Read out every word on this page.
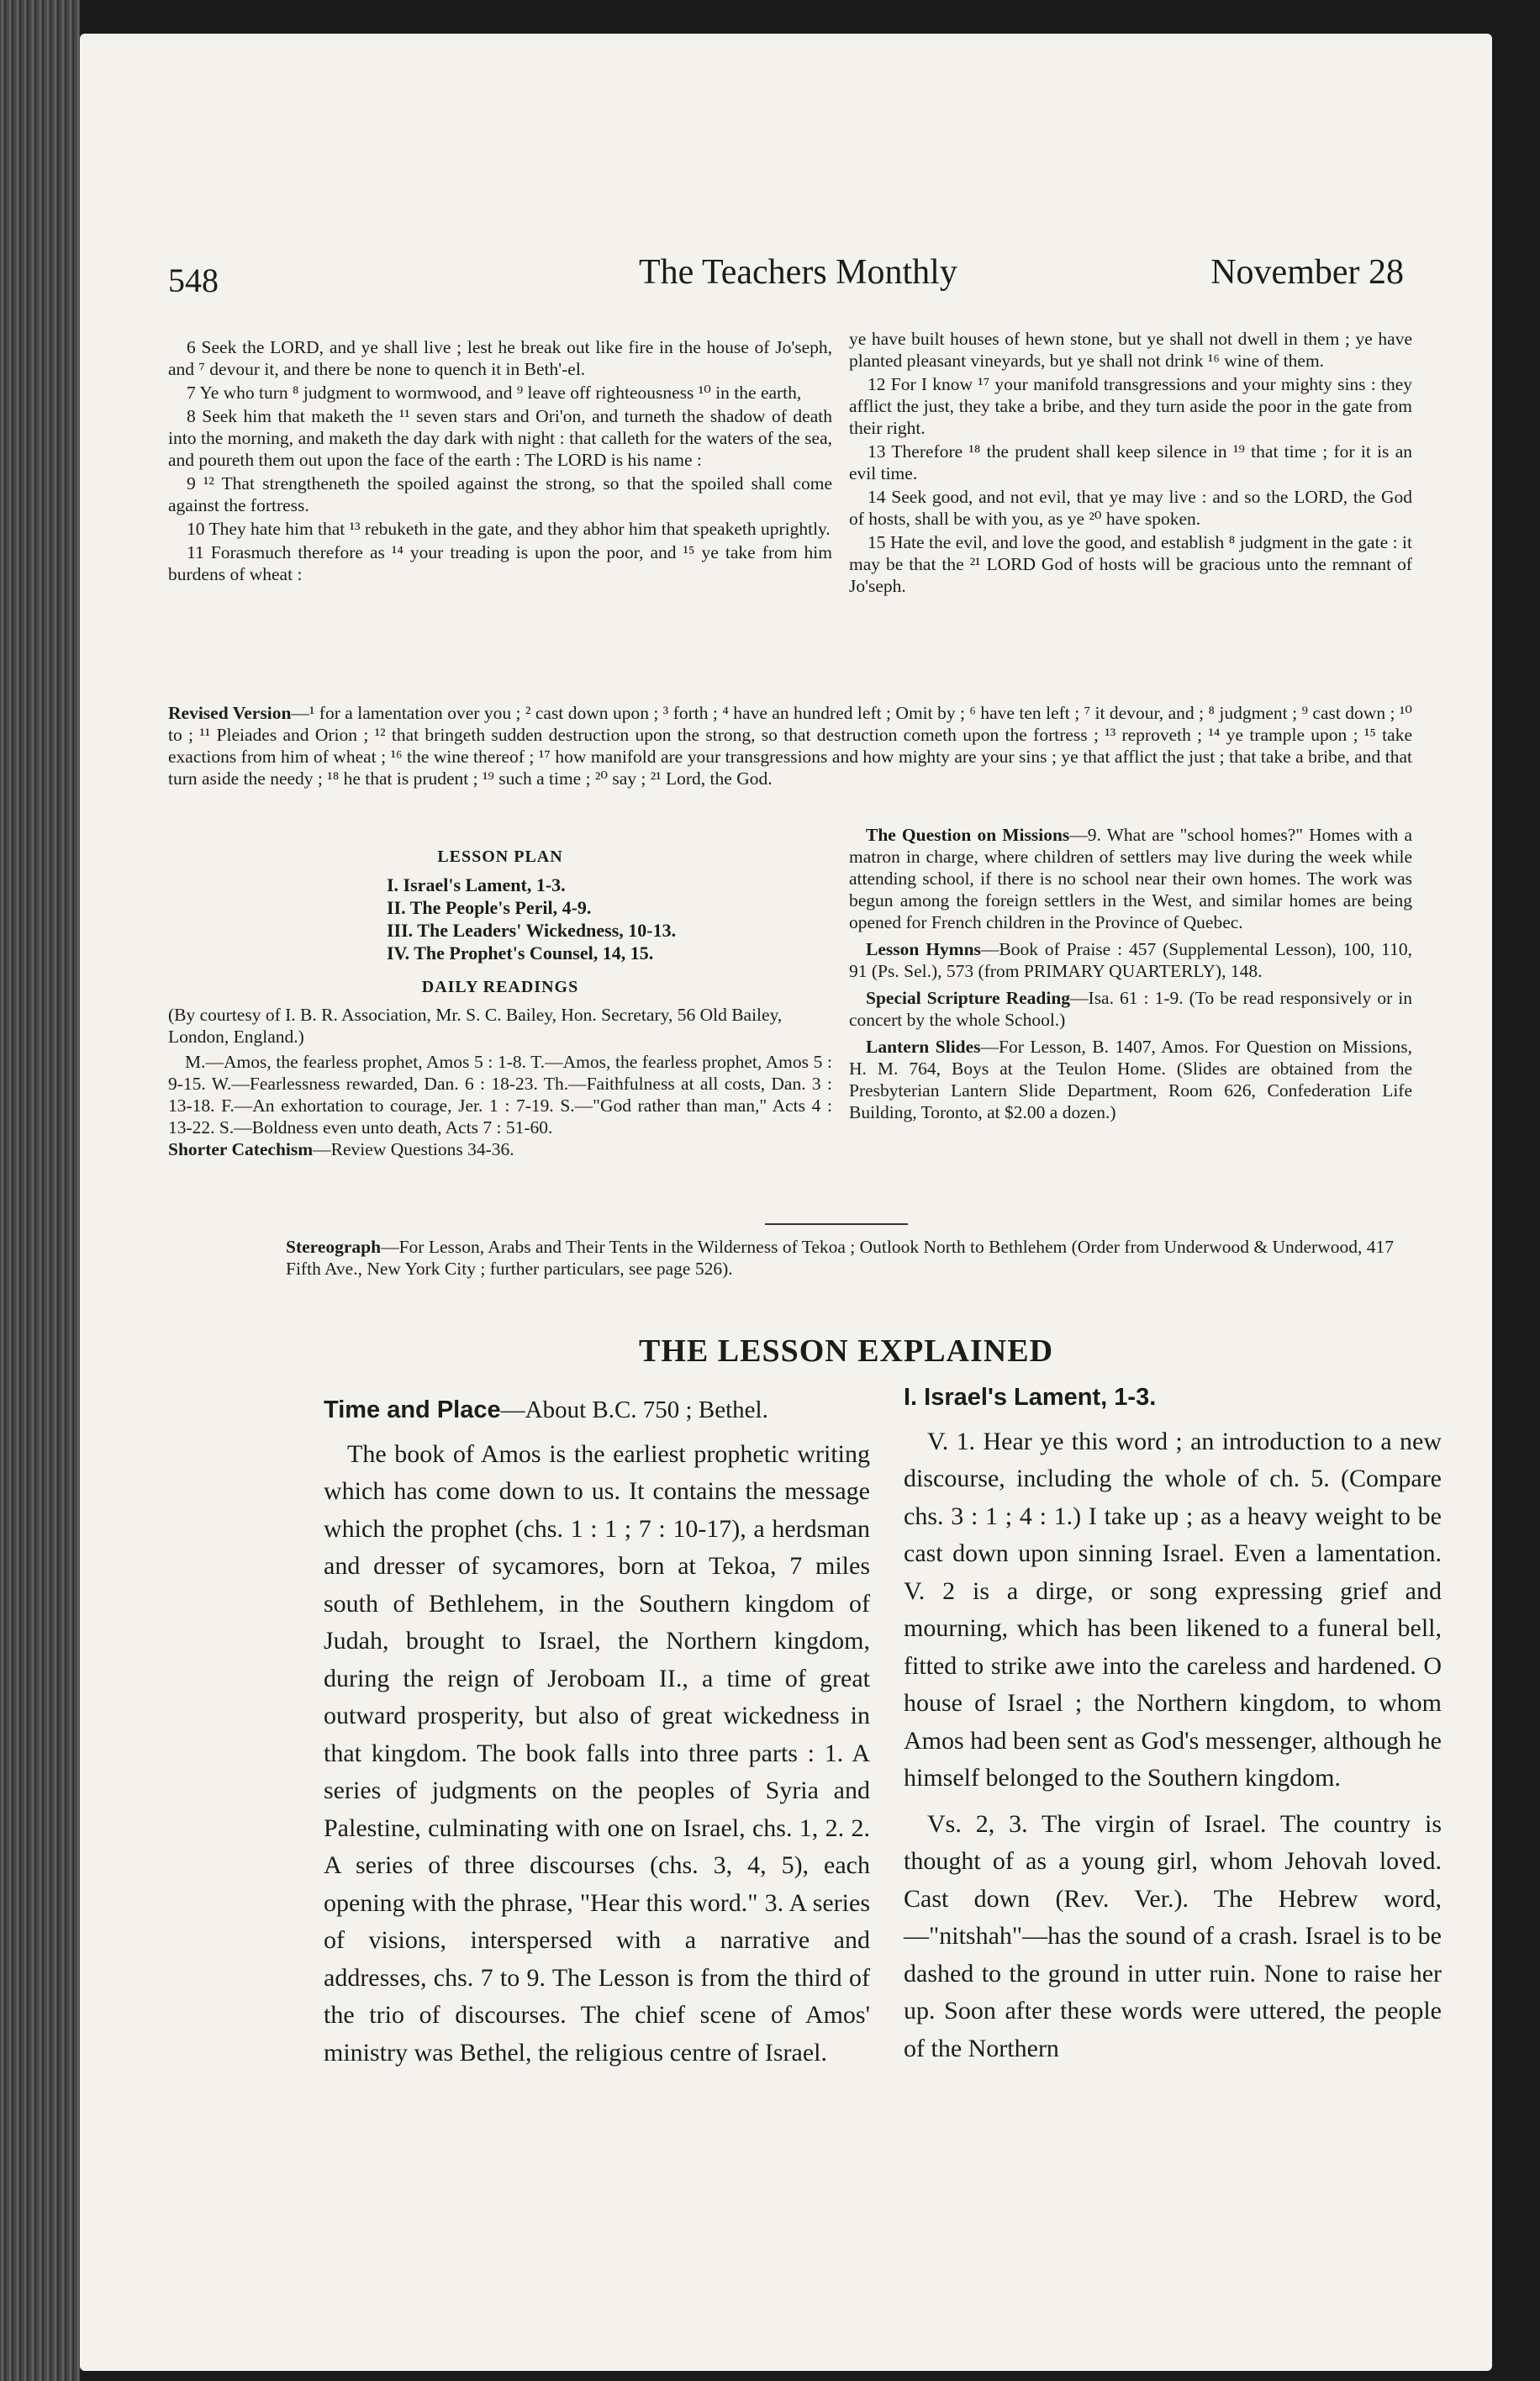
548	The Teachers Monthly	November 28

6 Seek the LORD, and ye shall live ; lest he break out like fire in the house of Jo'seph, and ⁷ devour it, and there be none to quench it in Beth'-el.

7 Ye who turn ⁸ judgment to wormwood, and ⁹ leave off righteousness ¹⁰ in the earth,

8 Seek him that maketh the ¹¹ seven stars and Ori'on, and turneth the shadow of death into the morning, and maketh the day dark with night : that calleth for the waters of the sea, and poureth them out upon the face of the earth : The LORD is his name :

9 ¹² That strengtheneth the spoiled against the strong, so that the spoiled shall come against the fortress.

10 They hate him that ¹³ rebuketh in the gate, and they abhor him that speaketh uprightly.

11 Forasmuch therefore as ¹⁴ your treading is upon the poor, and ¹⁵ ye take from him burdens of wheat :

ye have built houses of hewn stone, but ye shall not dwell in them ; ye have planted pleasant vineyards, but ye shall not drink ¹⁶ wine of them.

12 For I know ¹⁷ your manifold transgressions and your mighty sins : they afflict the just, they take a bribe, and they turn aside the poor in the gate from their right.

13 Therefore ¹⁸ the prudent shall keep silence in ¹⁹ that time ; for it is an evil time.

14 Seek good, and not evil, that ye may live : and so the LORD, the God of hosts, shall be with you, as ye ²⁰ have spoken.

15 Hate the evil, and love the good, and establish ⁸ judgment in the gate : it may be that the ²¹ LORD God of hosts will be gracious unto the remnant of Jo'seph.

Revised Version—¹ for a lamentation over you ; ² cast down upon ; ³ forth ; ⁴ have an hundred left ; Omit by ; ⁶ have ten left ; ⁷ it devour, and ; ⁸ judgment ; ⁹ cast down ; ¹⁰ to ; ¹¹ Pleiades and Orion ; ¹² that bringeth sudden destruction upon the strong, so that destruction cometh upon the fortress ; ¹³ reproveth ; ¹⁴ ye trample upon ; ¹⁵ take exactions from him of wheat ; ¹⁶ the wine thereof ; ¹⁷ how manifold are your transgressions and how mighty are your sins ; ye that afflict the just ; that take a bribe, and that turn aside the needy ; ¹⁸ he that is prudent ; ¹⁹ such a time ; ²⁰ say ; ²¹ Lord, the God.
LESSON PLAN
I. Israel's Lament, 1-3.
II. The People's Peril, 4-9.
III. The Leaders' Wickedness, 10-13.
IV. The Prophet's Counsel, 14, 15.
DAILY READINGS

(By courtesy of I. B. R. Association, Mr. S. C. Bailey, Hon. Secretary, 56 Old Bailey, London, England.)

M.—Amos, the fearless prophet, Amos 5 : 1-8. T.—Amos, the fearless prophet, Amos 5 : 9-15. W.—Fearlessness rewarded, Dan. 6 : 18-23. Th.—Faithfulness at all costs, Dan. 3 : 13-18. F.—An exhortation to courage, Jer. 1 : 7-19. S.—"God rather than man," Acts 4 : 13-22. S.—Boldness even unto death, Acts 7 : 51-60.

Shorter Catechism—Review Questions 34-36.

The Question on Missions—9. What are "school homes?" Homes with a matron in charge, where children of settlers may live during the week while attending school, if there is no school near their own homes. The work was begun among the foreign settlers in the West, and similar homes are being opened for French children in the Province of Quebec.

Lesson Hymns—Book of Praise : 457 (Supplemental Lesson), 100, 110, 91 (Ps. Sel.), 573 (from PRIMARY QUARTERLY), 148.

Special Scripture Reading—Isa. 61 : 1-9. (To be read responsively or in concert by the whole School.)

Lantern Slides—For Lesson, B. 1407, Amos. For Question on Missions, H. M. 764, Boys at the Teulon Home. (Slides are obtained from the Presbyterian Lantern Slide Department, Room 626, Confederation Life Building, Toronto, at $2.00 a dozen.)

Stereograph—For Lesson, Arabs and Their Tents in the Wilderness of Tekoa ; Outlook North to Bethlehem (Order from Underwood & Underwood, 417 Fifth Ave., New York City ; further particulars, see page 526).
THE LESSON EXPLAINED
Time and Place—About B.C. 750 ; Bethel.

The book of Amos is the earliest prophetic writing which has come down to us. It contains the message which the prophet (chs. 1 : 1 ; 7 : 10-17), a herdsman and dresser of sycamores, born at Tekoa, 7 miles south of Bethlehem, in the Southern kingdom of Judah, brought to Israel, the Northern kingdom, during the reign of Jeroboam II., a time of great outward prosperity, but also of great wickedness in that kingdom. The book falls into three parts : 1. A series of judgments on the peoples of Syria and Palestine, culminating with one on Israel, chs. 1, 2. 2. A series of three discourses (chs. 3, 4, 5), each opening with the phrase, "Hear this word." 3. A series of visions, interspersed with a narrative and addresses, chs. 7 to 9. The Lesson is from the third of the trio of discourses. The chief scene of Amos' ministry was Bethel, the religious centre of Israel.

I. Israel's Lament, 1-3.

V. 1. Hear ye this word ; an introduction to a new discourse, including the whole of ch. 5. (Compare chs. 3 : 1 ; 4 : 1.) I take up ; as a heavy weight to be cast down upon sinning Israel. Even a lamentation. V. 2 is a dirge, or song expressing grief and mourning, which has been likened to a funeral bell, fitted to strike awe into the careless and hardened. O house of Israel ; the Northern kingdom, to whom Amos had been sent as God's messenger, although he himself belonged to the Southern kingdom.

Vs. 2, 3. The virgin of Israel. The country is thought of as a young girl, whom Jehovah loved. Cast down (Rev. Ver.). The Hebrew word,—"nitshah"—has the sound of a crash. Israel is to be dashed to the ground in utter ruin. None to raise her up. Soon after these words were uttered, the people of the Northern
